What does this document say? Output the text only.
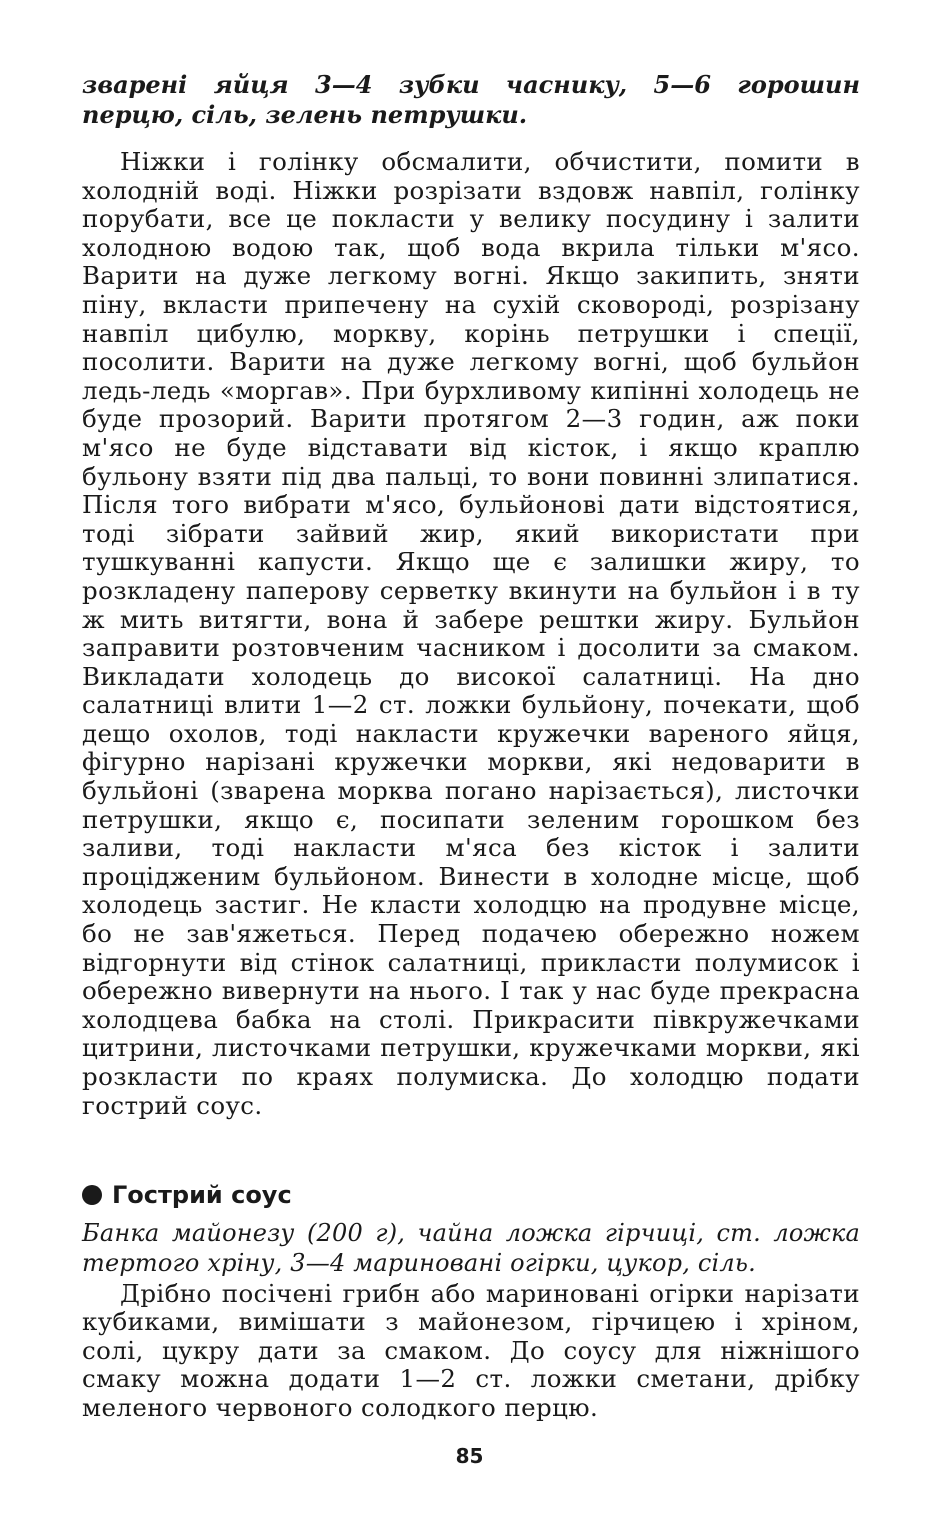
зварені яйця 3—4 зубки часнику, 5—6 горошин перцю, сіль, зелень петрушки.

Ніжки і голінку обсмалити, обчистити, помити в холодній воді. Ніжки розрізати вздовж навпіл, голінку порубати, все це покласти у велику посудину і залити холодною водою так, щоб вода вкрила тільки м'ясо. Варити на дуже легкому вогні. Якщо закипить, зняти піну, вкласти припечену на сухій сковороді, розрізану навпіл цибулю, моркву, корінь петрушки і спеції, посолити. Варити на дуже легкому вогні, щоб бульйон ледь-ледь «моргав». При бурхливому кипінні холодець не буде прозорий. Варити протягом 2—3 годин, аж поки м'ясо не буде відставати від кісток, і якщо краплю бульону взяти під два пальці, то вони повинні злипатися. Після того вибрати м'ясо, бульйонові дати відстоятися, тоді зібрати зайвий жир, який використати при тушкуванні капусти. Якщо ще є залишки жиру, то розкладену паперову серветку вкинути на бульйон і в ту ж мить витягти, вона й забере рештки жиру. Бульйон заправити розтовченим часником і досолити за смаком. Викладати холодець до високої салатниці. На дно салатниці влити 1—2 ст. ложки бульйону, почекати, щоб дещо охолов, тоді накласти кружечки вареного яйця, фігурно нарізані кружечки моркви, які недоварити в бульйоні (зварена морква погано нарізається), листочки петрушки, якщо є, посипати зеленим горошком без заливи, тоді накласти м'яса без кісток і залити процідженим бульйоном. Винести в холодне місце, щоб холодець застиг. Не класти холодцю на продувне місце, бо не зав'яжеться. Перед подачею обережно ножем відгорнути від стінок салатниці, прикласти полумисок і обережно вивернути на нього. І так у нас буде прекрасна холодцева бабка на столі. Прикрасити півкружечками цитрини, листочками петрушки, кружечками моркви, які розкласти по краях полумиска. До холодцю подати гострий соус.

Гострий соус

Банка майонезу (200 г), чайна ложка гірчиці, ст. ложка тертого хріну, 3—4 мариновані огірки, цукор, сіль.

Дрібно посічені грибн або мариновані огірки нарізати кубиками, вимішати з майонезом, гірчицею і хріном, солі, цукру дати за смаком. До соусу для ніжнішого смаку можна додати 1—2 ст. ложки сметани, дрібку меленого червоного солодкого перцю.

85
